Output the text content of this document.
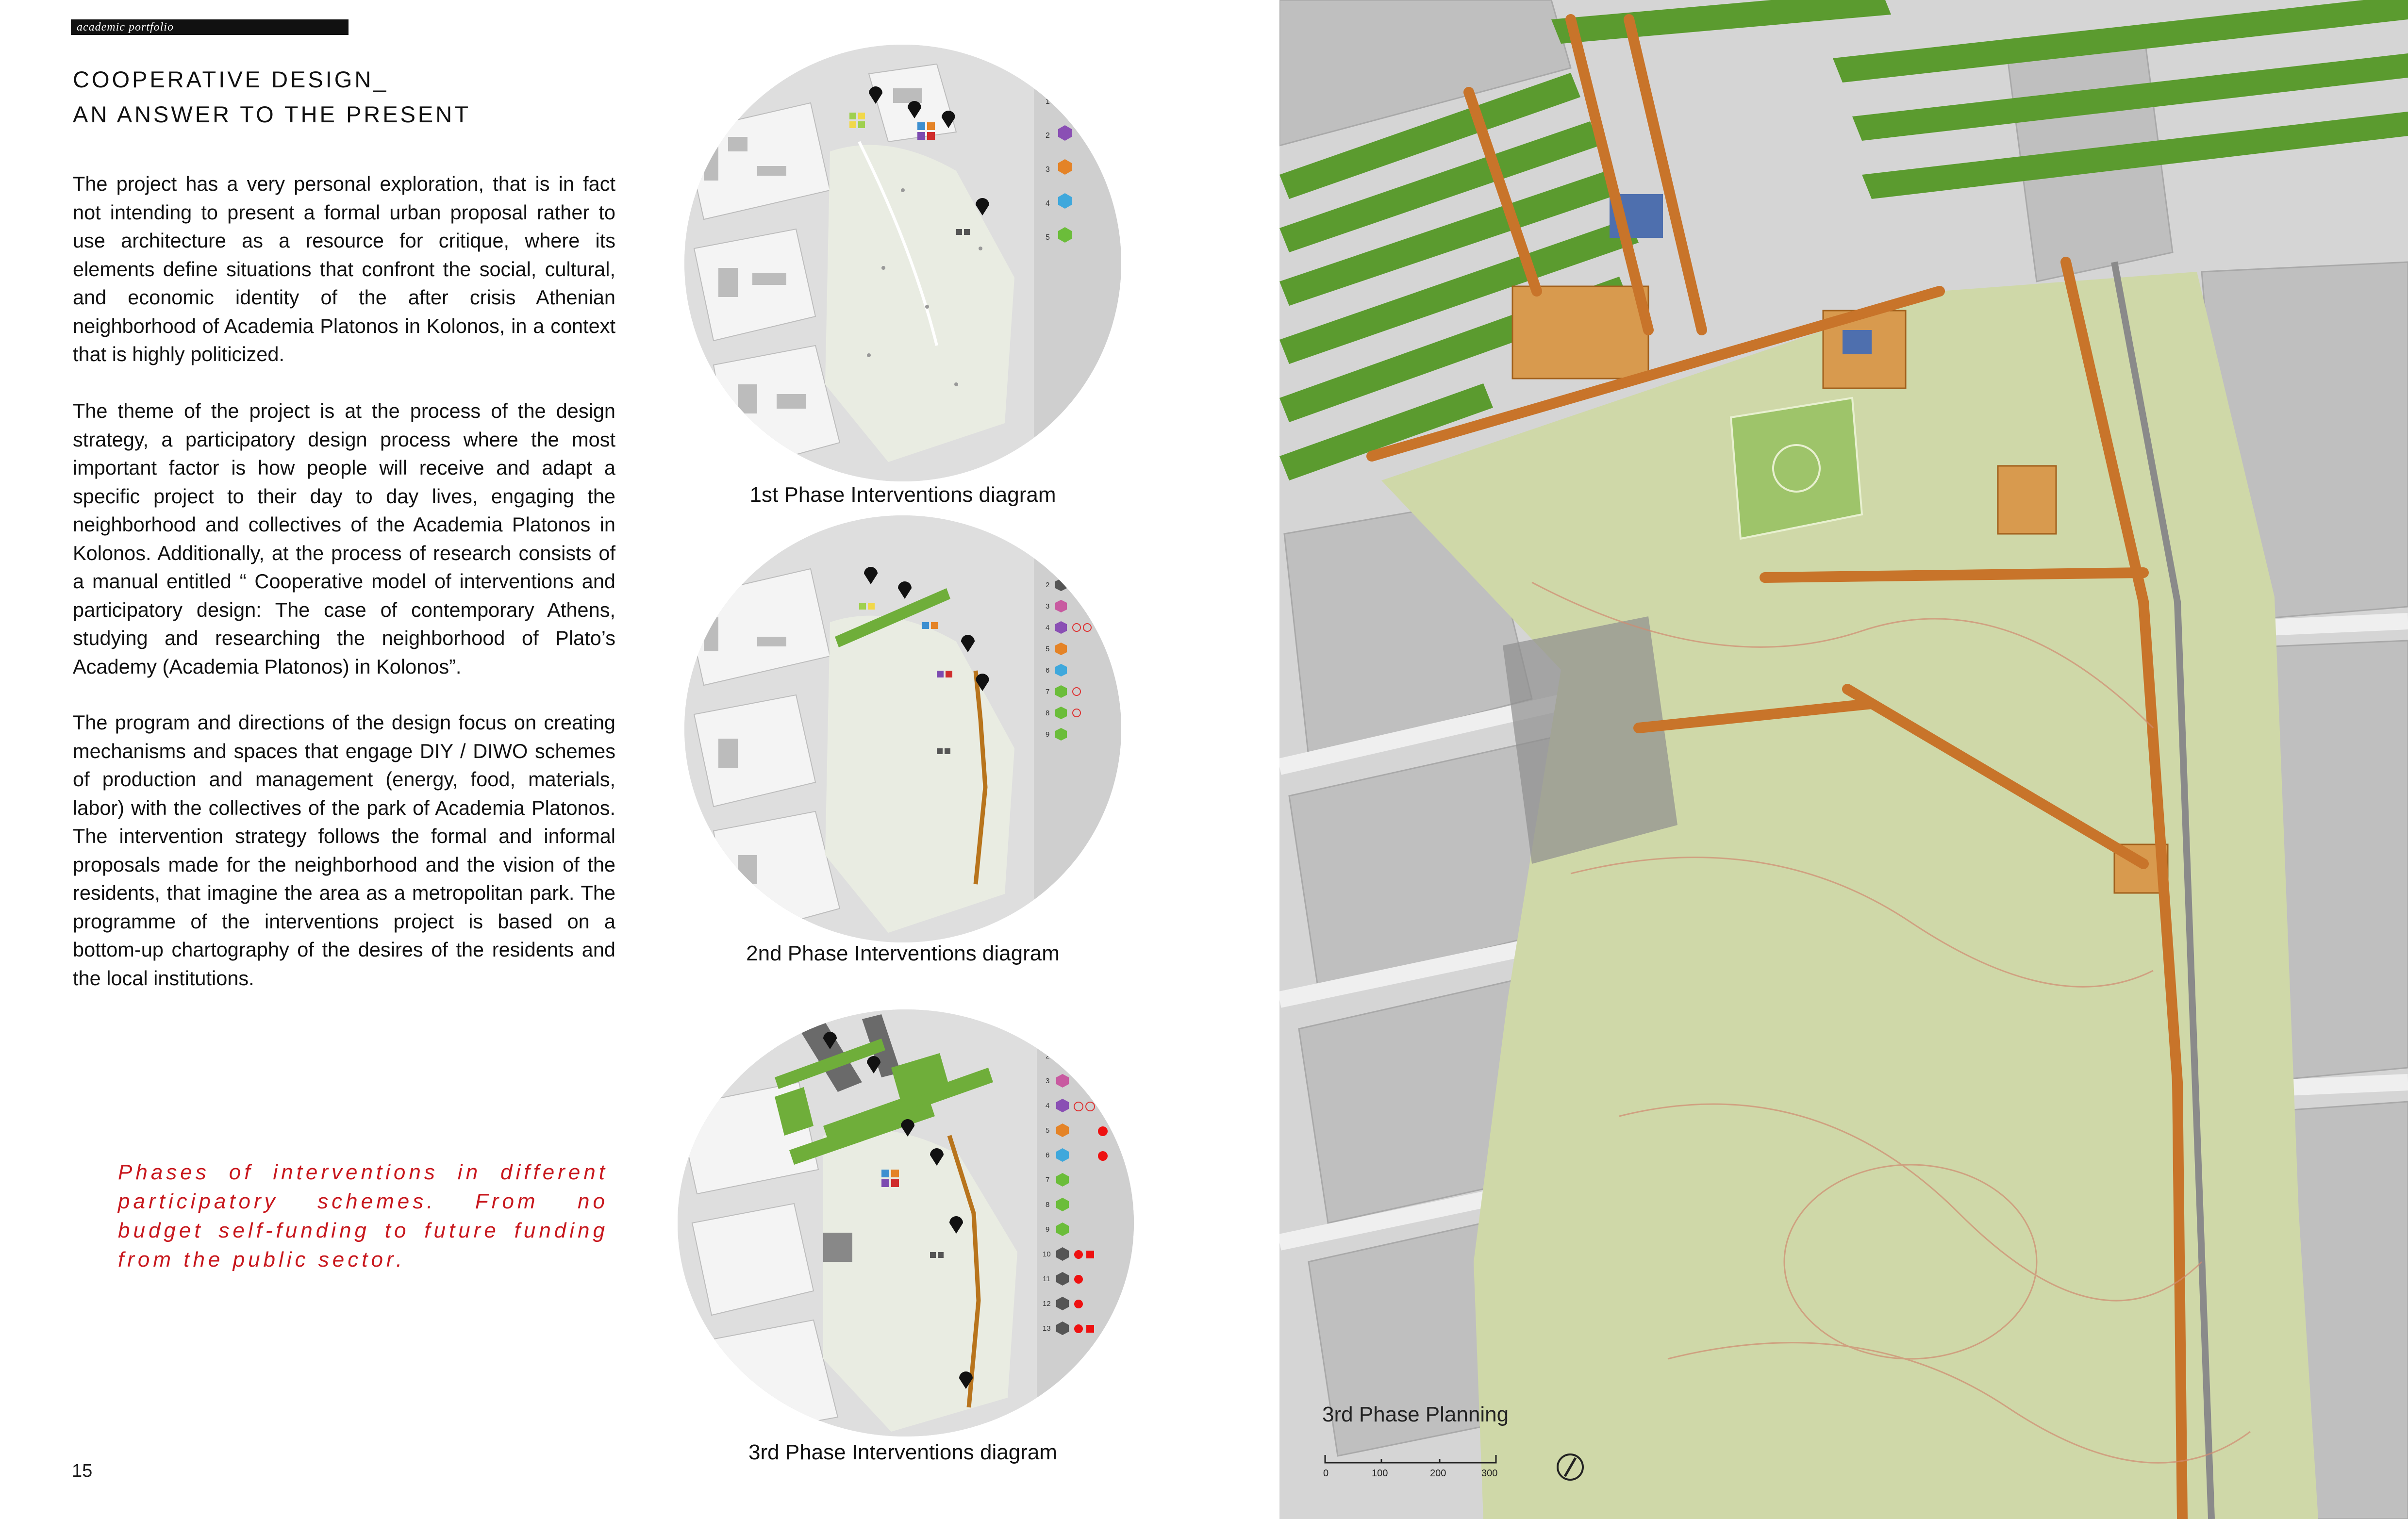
academic portfolio
COOPERATIVE DESIGN_
AN ANSWER TO THE PRESENT

The project has a very personal exploration, that is in fact not intending to present a formal urban proposal rather to use architecture as a resource for critique, where its elements define situations that confront the social, cultural, and economic identity of the after crisis Athenian neighborhood of Academia Platonos in Kolonos, in a context that is highly politicized.

The theme of the project is at the process of the design strategy, a participatory design process where the most important factor is how people will receive and adapt a specific project to their day to day lives, engaging the neighborhood and collectives of the Academia Platonos in Kolonos. Additionally, at the process of research consists of a manual entitled “ Cooperative model of interventions and participatory design: The case of contemporary Athens, studying and researching the neighborhood of Plato’s Academy (Academia Platonos) in Kolonos”.

The program and directions of the design focus on creating mechanisms and spaces that engage DIY / DIWO schemes of production and management (energy, food, materials, labor) with the collectives of the park of Academia Platonos. The intervention strategy follows the formal and informal proposals made for the neighborhood and the vision of the residents, that imagine the area as a metropolitan park. The programme of the interventions project is based on a bottom-up chartography of the desires of the residents and the local institutions.

Phases of interventions in different participatory schemes. From no budget self-funding to future funding from the public sector.

15
1
2
3
4
5
1st Phase Interventions diagram
1
2
3
4
5
6
7
8
9
2nd Phase Interventions diagram
1
2
3
4
5
6
7
8
9
10
11
12
13
3rd Phase Interventions diagram
3rd Phase Planning
0	100	200	300
